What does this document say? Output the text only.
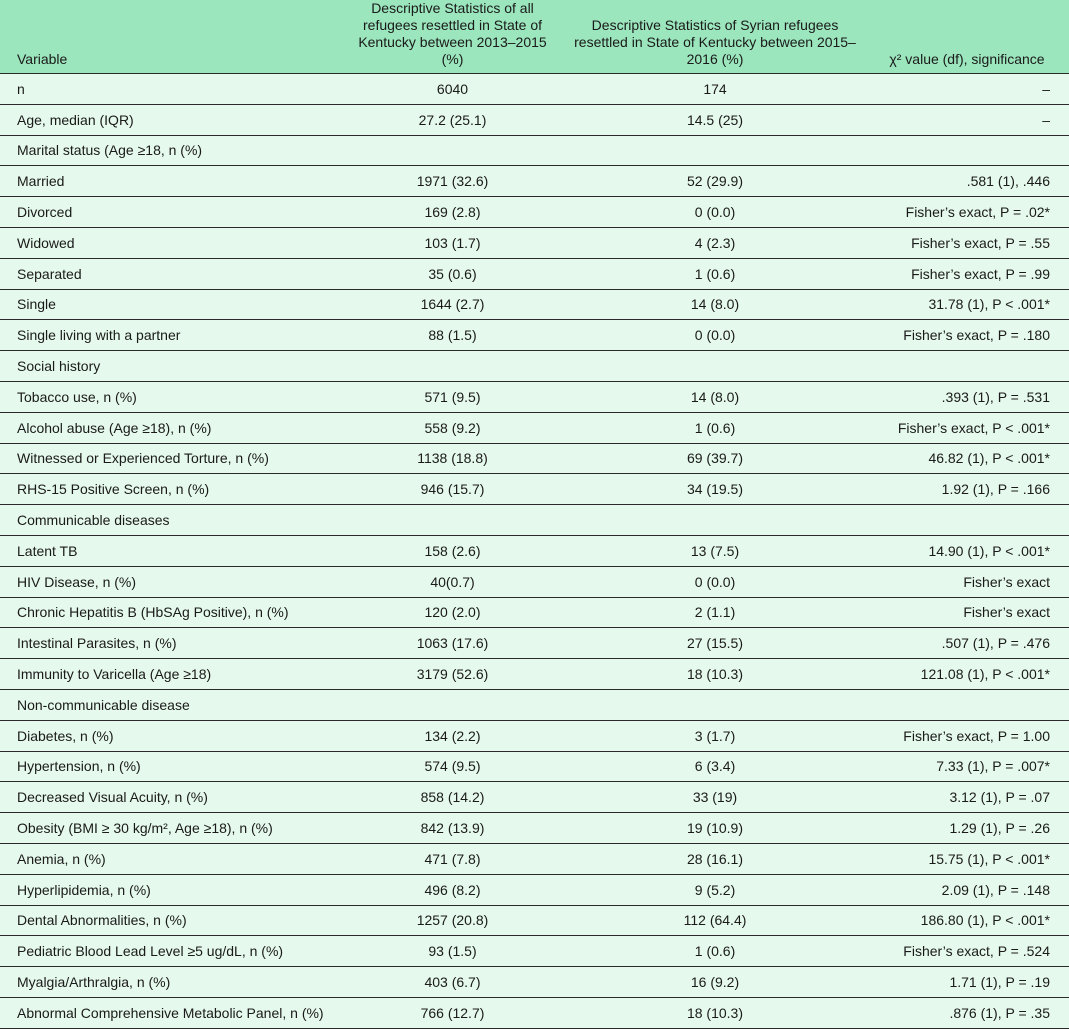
Variable	Descriptive Statistics of all refugees resettled in State of Kentucky between 2013–2015 (%)	Descriptive Statistics of Syrian refugees resettled in State of Kentucky between 2015–2016 (%)	χ² value (df), significance
n	6040	174	–
Age, median (IQR)	27.2 (25.1)	14.5 (25)	–
Marital status (Age ≥18, n (%)			
Married	1971 (32.6)	52 (29.9)	.581 (1), .446
Divorced	169 (2.8)	0 (0.0)	Fisher’s exact, P = .02*
Widowed	103 (1.7)	4 (2.3)	Fisher’s exact, P = .55
Separated	35 (0.6)	1 (0.6)	Fisher’s exact, P = .99
Single	1644 (2.7)	14 (8.0)	31.78 (1), P < .001*
Single living with a partner	88 (1.5)	0 (0.0)	Fisher’s exact, P = .180
Social history			
Tobacco use, n (%)	571 (9.5)	14 (8.0)	.393 (1), P = .531
Alcohol abuse (Age ≥18), n (%)	558 (9.2)	1 (0.6)	Fisher’s exact, P < .001*
Witnessed or Experienced Torture, n (%)	1138 (18.8)	69 (39.7)	46.82 (1), P < .001*
RHS-15 Positive Screen, n (%)	946 (15.7)	34 (19.5)	1.92 (1), P = .166
Communicable diseases			
Latent TB	158 (2.6)	13 (7.5)	14.90 (1), P < .001*
HIV Disease, n (%)	40(0.7)	0 (0.0)	Fisher’s exact
Chronic Hepatitis B (HbSAg Positive), n (%)	120 (2.0)	2 (1.1)	Fisher’s exact
Intestinal Parasites, n (%)	1063 (17.6)	27 (15.5)	.507 (1), P = .476
Immunity to Varicella (Age ≥18)	3179 (52.6)	18 (10.3)	121.08 (1), P < .001*
Non-communicable disease			
Diabetes, n (%)	134 (2.2)	3 (1.7)	Fisher’s exact, P = 1.00
Hypertension, n (%)	574 (9.5)	6 (3.4)	7.33 (1), P = .007*
Decreased Visual Acuity, n (%)	858 (14.2)	33 (19)	3.12 (1), P = .07
Obesity (BMI ≥ 30 kg/m², Age ≥18), n (%)	842 (13.9)	19 (10.9)	1.29 (1), P = .26
Anemia, n (%)	471 (7.8)	28 (16.1)	15.75 (1), P < .001*
Hyperlipidemia, n (%)	496 (8.2)	9 (5.2)	2.09 (1), P = .148
Dental Abnormalities, n (%)	1257 (20.8)	112 (64.4)	186.80 (1), P < .001*
Pediatric Blood Lead Level ≥5 ug/dL, n (%)	93 (1.5)	1 (0.6)	Fisher’s exact, P = .524
Myalgia/Arthralgia, n (%)	403 (6.7)	16 (9.2)	1.71 (1), P = .19
Abnormal Comprehensive Metabolic Panel, n (%)	766 (12.7)	18 (10.3)	.876 (1), P = .35
